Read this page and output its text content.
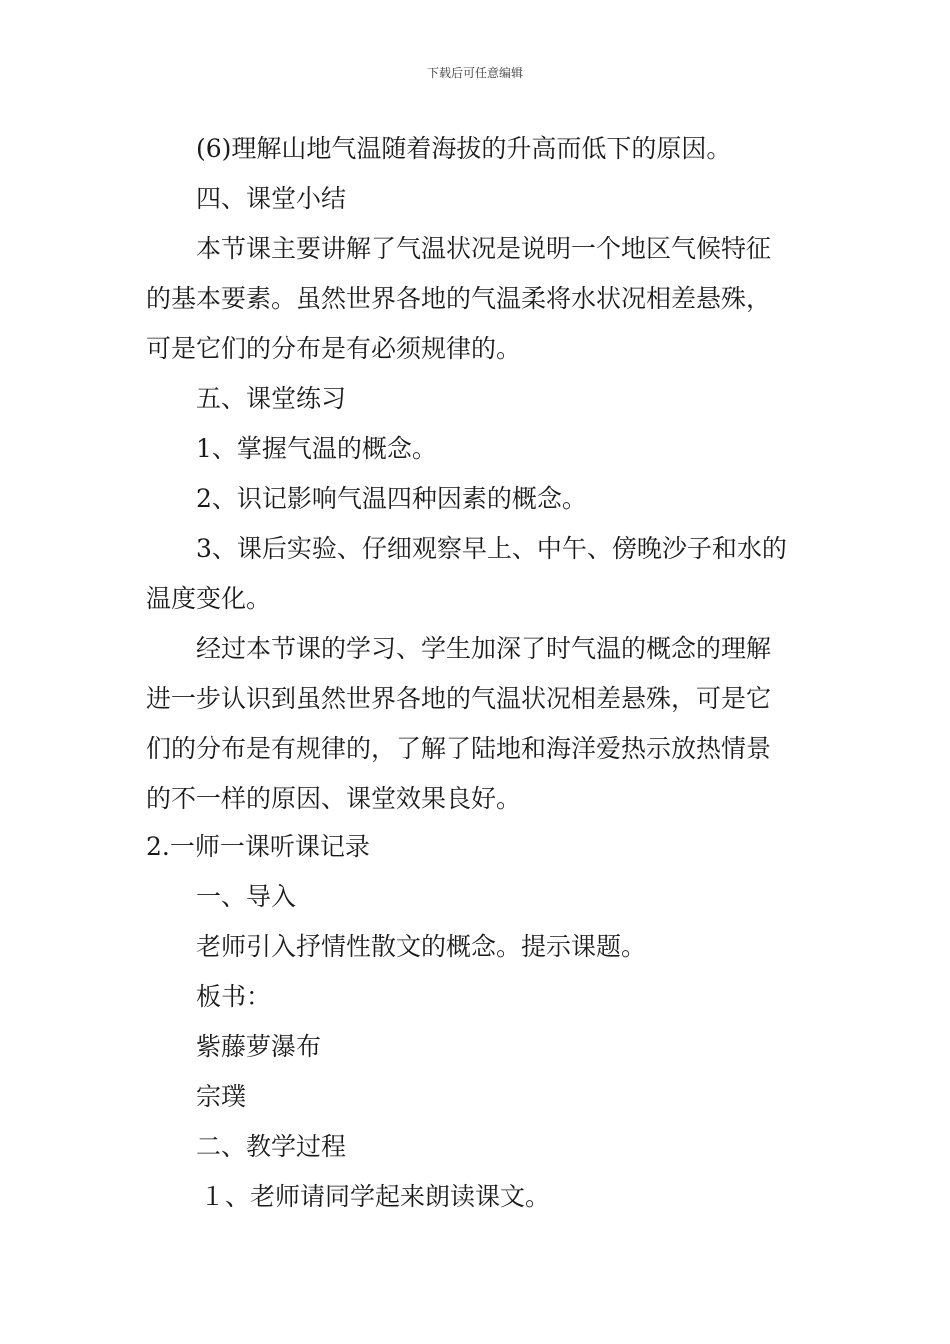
下载后可任意编辑
(6)理解山地气温随着海拔的升高而低下的原因。
四、课堂小结
本节课主要讲解了气温状况是说明一个地区气候特征
的基本要素。虽然世界各地的气温柔将水状况相差悬殊，
可是它们的分布是有必须规律的。
五、课堂练习
1、掌握气温的概念。
2、识记影响气温四种因素的概念。
3、课后实验、仔细观察早上、中午、傍晚沙子和水的
温度变化。
经过本节课的学习、学生加深了时气温的概念的理解
进一步认识到虽然世界各地的气温状况相差悬殊，可是它
们的分布是有规律的，了解了陆地和海洋爱热示放热情景
的不一样的原因、课堂效果良好。
2.一师一课听课记录
一、导入
老师引入抒情性散文的概念。提示课题。
板书：
紫藤萝瀑布
宗璞
二、教学过程
１、老师请同学起来朗读课文。
